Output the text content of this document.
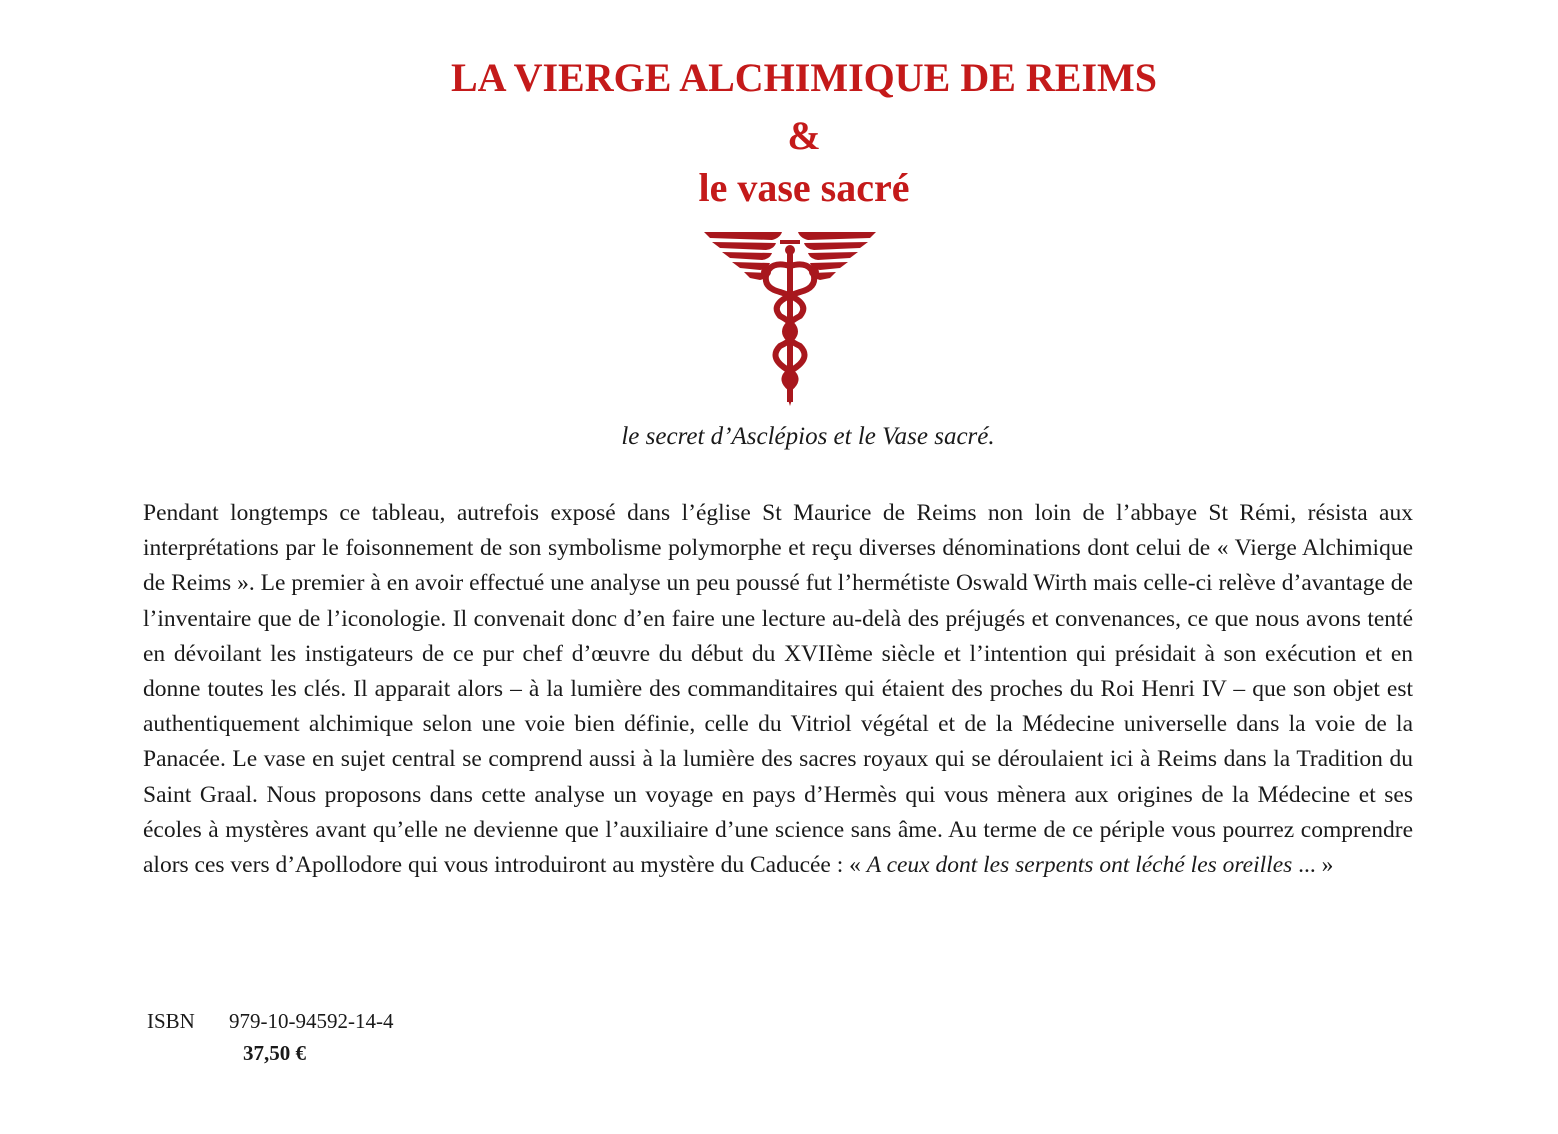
LA VIERGE ALCHIMIQUE DE REIMS
&
le vase sacré

le secret d’Asclépios et le Vase sacré.

Pendant longtemps ce tableau, autrefois exposé dans l’église St Maurice de Reims non loin de l’abbaye St Rémi, résista aux interprétations par le foisonnement de son symbolisme polymorphe et reçu diverses dénominations dont celui de « Vierge Alchimique de Reims ». Le premier à en avoir effectué une analyse un peu poussé fut l’hermétiste Oswald Wirth mais celle-ci relève d’avantage de l’inventaire que de l’iconologie. Il convenait donc d’en faire une lecture au-delà des préjugés et convenances, ce que nous avons tenté en dévoilant les instigateurs de ce pur chef d’œuvre du début du XVIIème siècle et l’intention qui présidait à son exécution et en donne toutes les clés. Il apparait alors – à la lumière des commanditaires qui étaient des proches du Roi Henri IV – que son objet est authentiquement alchimique selon une voie bien définie, celle du Vitriol végétal et de la Médecine universelle dans la voie de la Panacée. Le vase en sujet central se comprend aussi à la lumière des sacres royaux qui se déroulaient ici à Reims dans la Tradition du Saint Graal. Nous proposons dans cette analyse un voyage en pays d’Hermès qui vous mènera aux origines de la Médecine et ses écoles à mystères avant qu’elle ne devienne que l’auxiliaire d’une science sans âme. Au terme de ce périple vous pourrez comprendre alors ces vers d’Apollodore qui vous introduiront au mystère du Caducée : « A ceux dont les serpents ont léché les oreilles ... »

ISBN 979-10-94592-14-4
37,50 €
